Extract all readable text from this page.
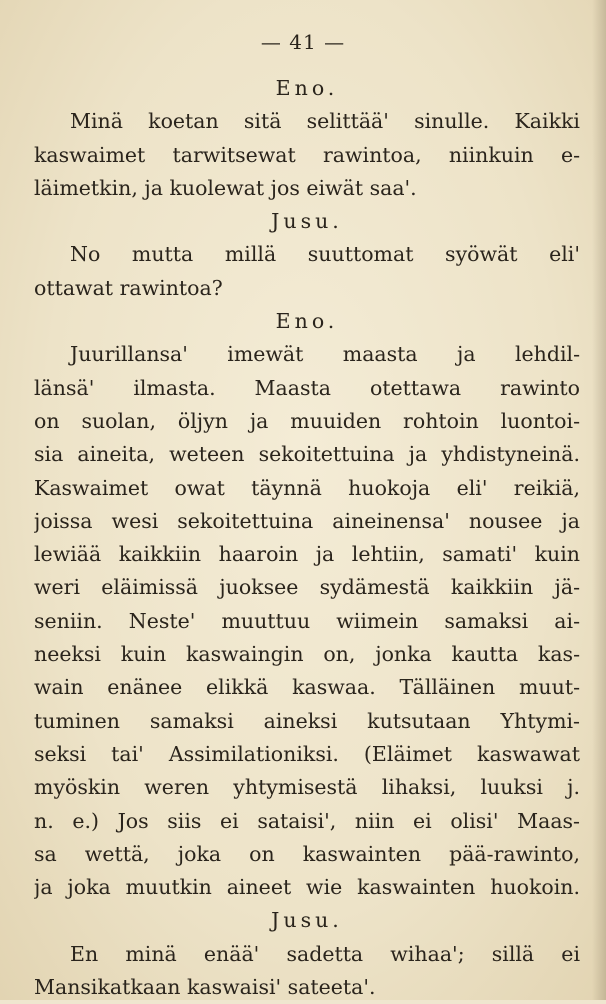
— 41 —
Eno.
Minä koetan sitä selittää' sinulle. Kaikki
kaswaimet tarwitsewat rawintoa, niinkuin e-
läimetkin, ja kuolewat jos eiwät saa'.
Jusu.
No mutta millä suuttomat syöwät eli'
ottawat rawintoa?
Eno.
Juurillansa' imewät maasta ja lehdil-
länsä' ilmasta. Maasta otettawa rawinto
on suolan, öljyn ja muuiden rohtoin luontoi-
sia aineita, weteen sekoitettuina ja yhdistyneinä.
Kaswaimet owat täynnä huokoja eli' reikiä,
joissa wesi sekoitettuina aineinensa' nousee ja
lewiää kaikkiin haaroin ja lehtiin, samati' kuin
weri eläimissä juoksee sydämestä kaikkiin jä-
seniin. Neste' muuttuu wiimein samaksi ai-
neeksi kuin kaswaingin on, jonka kautta kas-
wain enänee elikkä kaswaa. Tälläinen muut-
tuminen samaksi aineksi kutsutaan Yhtymi-
seksi tai' Assimilationiksi. (Eläimet kaswawat
myöskin weren yhtymisestä lihaksi, luuksi j.
n. e.) Jos siis ei sataisi', niin ei olisi' Maas-
sa wettä, joka on kaswainten pää-rawinto,
ja joka muutkin aineet wie kaswainten huokoin.
Jusu.
En minä enää' sadetta wihaa'; sillä ei
Mansikatkaan kaswaisi' sateeta'.
